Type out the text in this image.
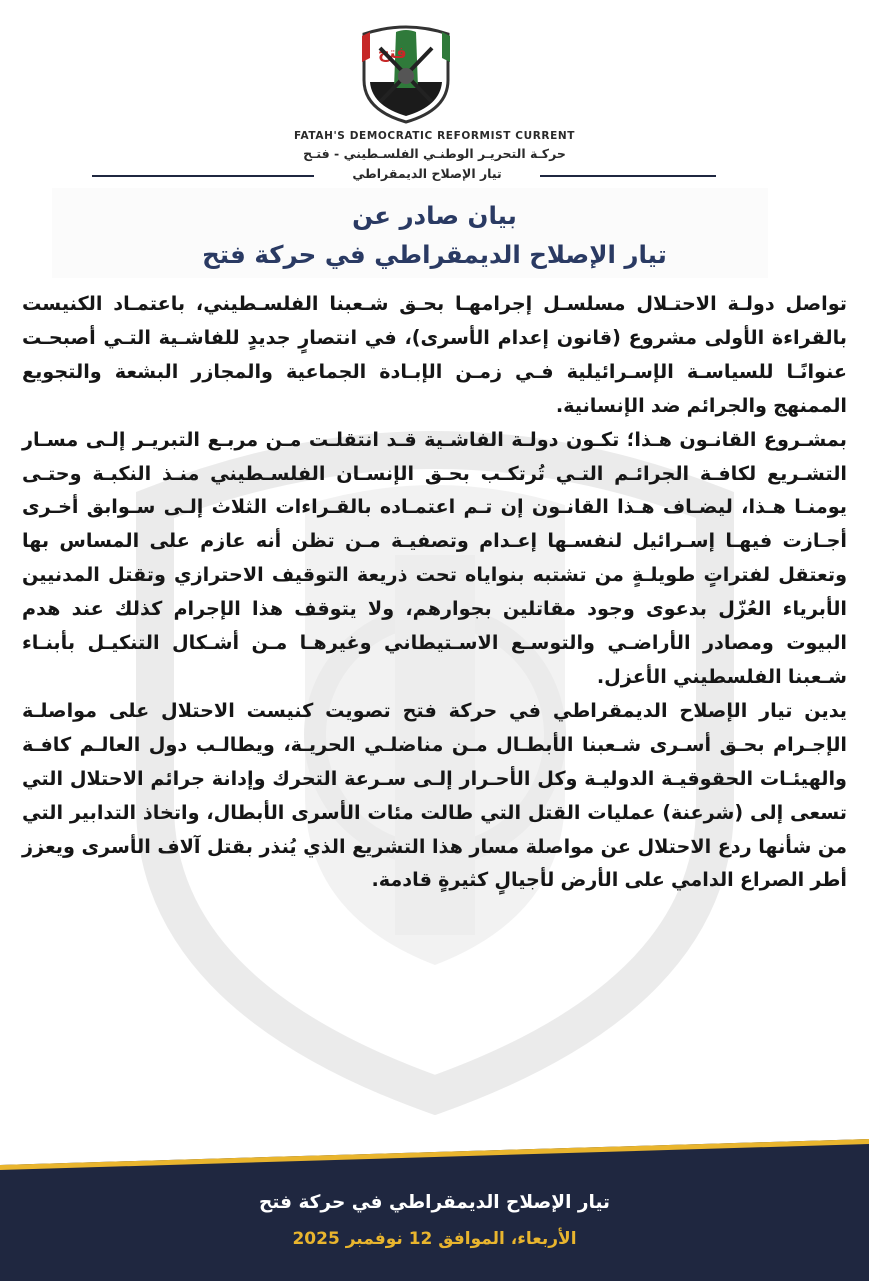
فتح
FATAH'S DEMOCRATIC REFORMIST CURRENT
حركـة التحريـر الوطنـي الفلسـطيني - فتـح
تيار الإصلاح الديمقراطي
بيان صادر عن
تيار الإصلاح الديمقراطي في حركة فتح

تواصل دولـة الاحتـلال مسلسـل إجرامهـا بحـق شـعبنا الفلسـطيني، باعتمـاد الكنيست بالقراءة الأولى مشروع (قانون إعدام الأسرى)، في انتصارٍ جديدٍ للفاشـية التـي أصبحـت عنوانًـا للسياسـة الإسـرائيلية فـي زمـن الإبـادة الجماعية والمجازر البشعة والتجويع الممنهج والجرائم ضد الإنسانية.

بمشـروع القانـون هـذا؛ تكـون دولـة الفاشـية قـد انتقلـت مـن مربـع التبريـر إلـى مسـار التشـريع لكافـة الجرائـم التـي تُرتكـب بحـق الإنسـان الفلسـطيني منـذ النكبـة وحتـى يومنـا هـذا، ليضـاف هـذا القانـون إن تـم اعتمـاده بالقـراءات الثلاث إلـى سـوابق أخـرى أجـازت فيهـا إسـرائيل لنفسـها إعـدام وتصفيـة مـن تظن أنه عازم على المساس بها وتعتقل لفتراتٍ طويلـةٍ من تشتبه بنواياه تحت ذريعة التوقيف الاحترازي وتقتل المدنيين الأبرياء العُزّل بدعوى وجود مقاتلين بجوارهم، ولا يتوقف هذا الإجرام كذلك عند هدم البيوت ومصادر الأراضـي والتوسـع الاسـتيطاني وغيرهـا مـن أشـكال التنكيـل بأبنـاء شـعبنا الفلسطيني الأعزل.

يدين تيار الإصلاح الديمقراطي في حركة فتح تصويت كنيست الاحتلال على مواصلـة الإجـرام بحـق أسـرى شـعبنا الأبطـال مـن مناضلـي الحريـة، ويطالـب دول العالـم كافـة والهيئـات الحقوقيـة الدوليـة وكل الأحـرار إلـى سـرعة التحرك وإدانة جرائم الاحتلال التي تسعى إلى (شرعنة) عمليات القتل التي طالت مئات الأسرى الأبطال، واتخاذ التدابير التي من شأنها ردع الاحتلال عن مواصلة مسار هذا التشريع الذي يُنذر بقتل آلاف الأسرى ويعزز أطر الصراع الدامي على الأرض لأجيالٍ كثيرةٍ قادمة.

تيار الإصلاح الديمقراطي في حركة فتح
الأربعاء، الموافق 12 نوفمبر 2025
